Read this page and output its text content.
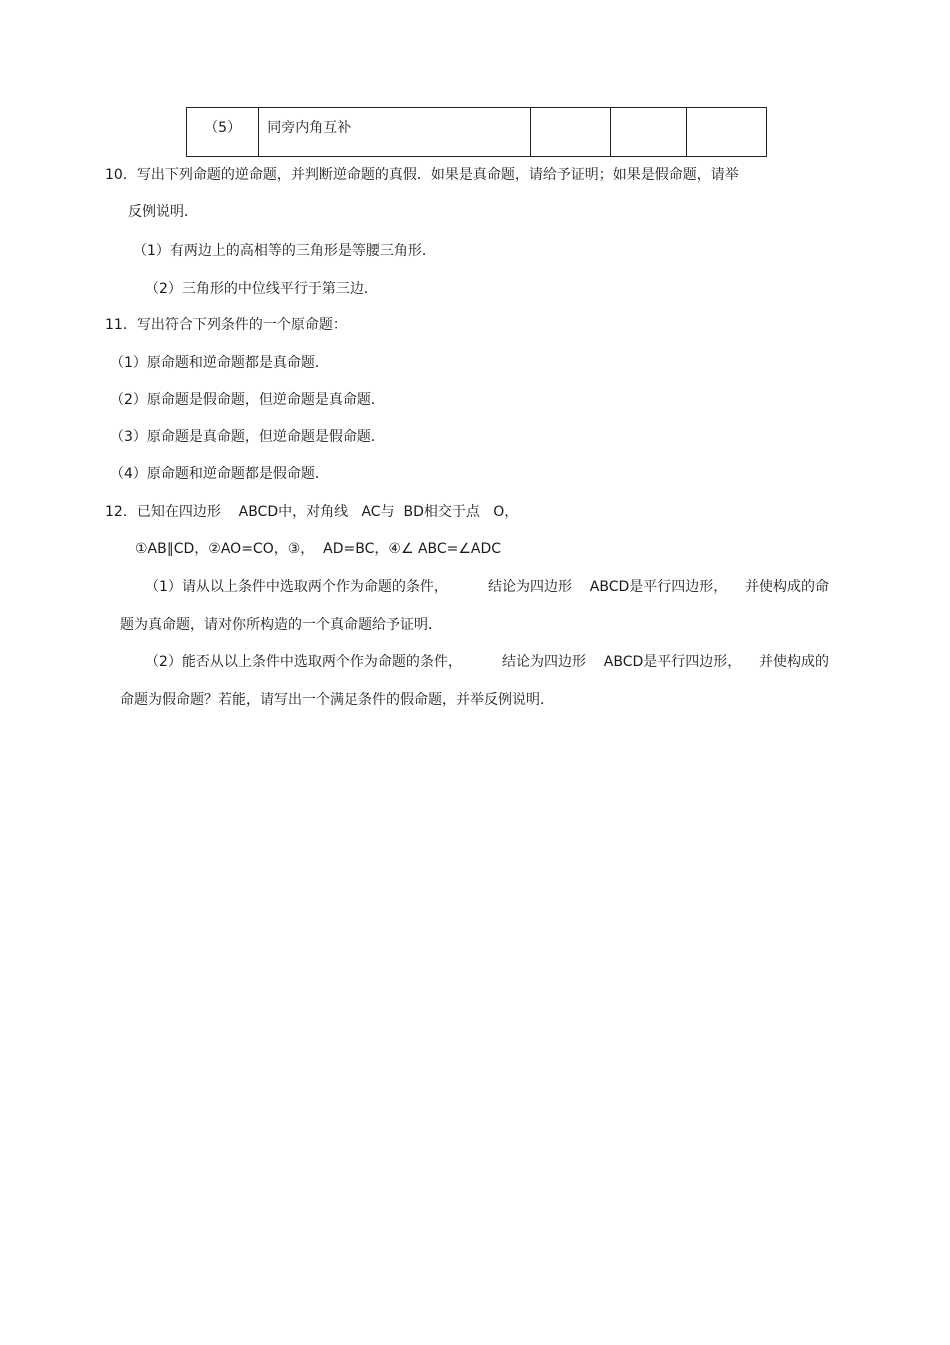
（5）	同旁内角互补			
10．写出下列命题的逆命题，并判断逆命题的真假．如果是真命题，请给予证明；如果是假命题，请举
反例说明．
（1）有两边上的高相等的三角形是等腰三角形．
（2）三角形的中位线平行于第三边．
11．写出符合下列条件的一个原命题：
（1）原命题和逆命题都是真命题．
（2）原命题是假命题，但逆命题是真命题．
（3）原命题是真命题，但逆命题是假命题．
（4）原命题和逆命题都是假命题．
12．已知在四边形    ABCD中，对角线   AC与  BD相交于点   O，
①AB∥CD，②AO=CO，③，  AD=BC，④∠ ABC=∠ADC
（1）请从以上条件中选取两个作为命题的条件，         结论为四边形    ABCD是平行四边形，    并使构成的命
题为真命题，请对你所构造的一个真命题给予证明．
（2）能否从以上条件中选取两个作为命题的条件，         结论为四边形    ABCD是平行四边形，    并使构成的
命题为假命题？若能，请写出一个满足条件的假命题，并举反例说明．
